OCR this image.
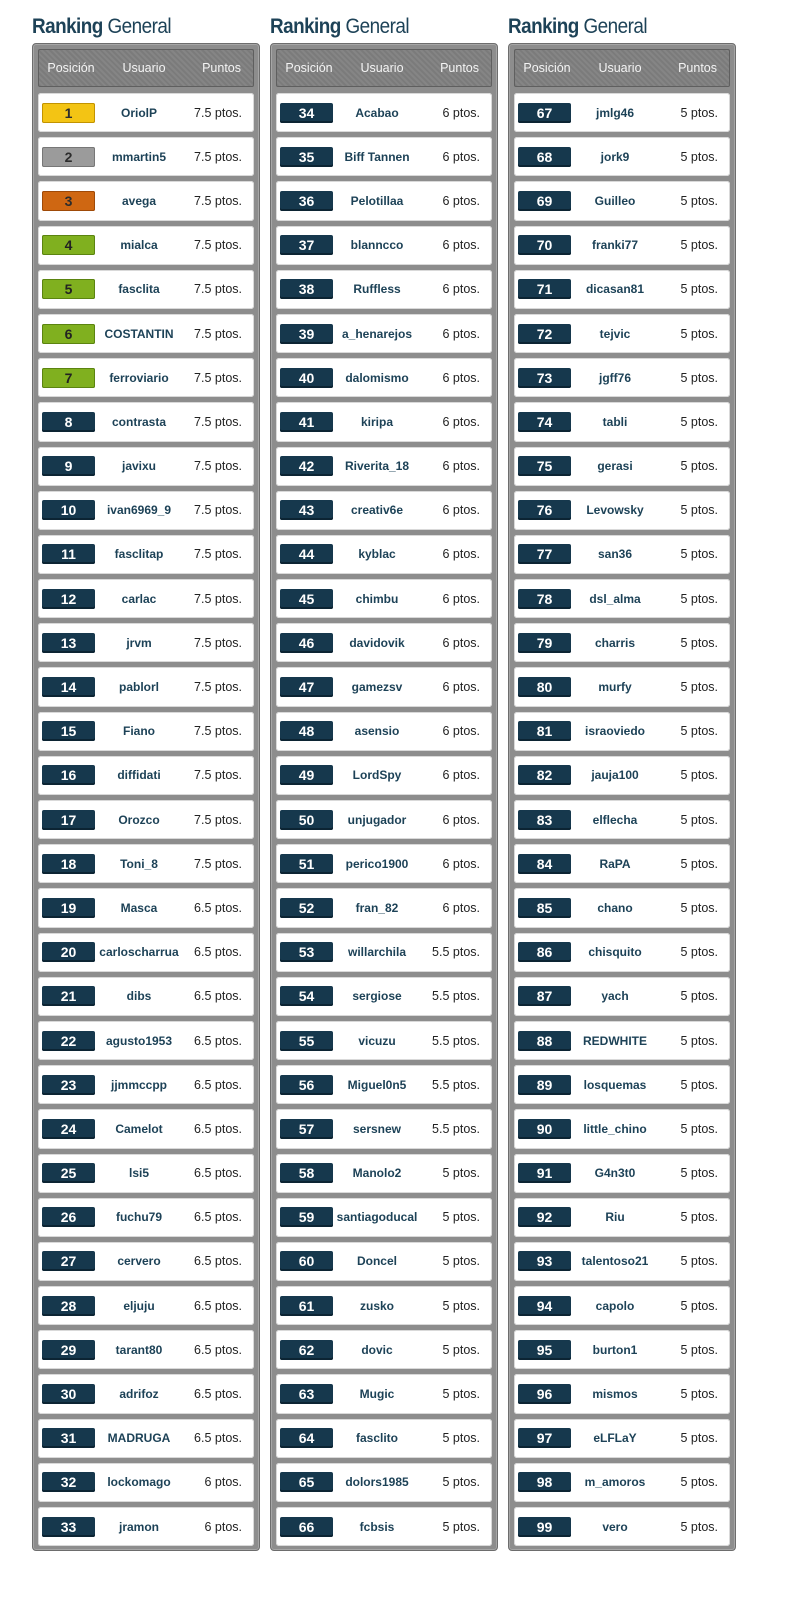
Ranking General
Posición	Usuario	Puntos
1	OriolP	7.5 ptos.
2	mmartin5	7.5 ptos.
3	avega	7.5 ptos.
4	mialca	7.5 ptos.
5	fasclita	7.5 ptos.
6	COSTANTIN	7.5 ptos.
7	ferroviario	7.5 ptos.
8	contrasta	7.5 ptos.
9	javixu	7.5 ptos.
10	ivan6969_9	7.5 ptos.
11	fasclitap	7.5 ptos.
12	carlac	7.5 ptos.
13	jrvm	7.5 ptos.
14	pablorl	7.5 ptos.
15	Fiano	7.5 ptos.
16	diffidati	7.5 ptos.
17	Orozco	7.5 ptos.
18	Toni_8	7.5 ptos.
19	Masca	6.5 ptos.
20	carloscharrua	6.5 ptos.
21	dibs	6.5 ptos.
22	agusto1953	6.5 ptos.
23	jjmmccpp	6.5 ptos.
24	Camelot	6.5 ptos.
25	lsi5	6.5 ptos.
26	fuchu79	6.5 ptos.
27	cervero	6.5 ptos.
28	eljuju	6.5 ptos.
29	tarant80	6.5 ptos.
30	adrifoz	6.5 ptos.
31	MADRUGA	6.5 ptos.
32	lockomago	6 ptos.
33	jramon	6 ptos.
Ranking General
Posición	Usuario	Puntos
34	Acabao	6 ptos.
35	Biff Tannen	6 ptos.
36	Pelotillaa	6 ptos.
37	blanncco	6 ptos.
38	Ruffless	6 ptos.
39	a_henarejos	6 ptos.
40	dalomismo	6 ptos.
41	kiripa	6 ptos.
42	Riverita_18	6 ptos.
43	creativ6e	6 ptos.
44	kyblac	6 ptos.
45	chimbu	6 ptos.
46	davidovik	6 ptos.
47	gamezsv	6 ptos.
48	asensio	6 ptos.
49	LordSpy	6 ptos.
50	unjugador	6 ptos.
51	perico1900	6 ptos.
52	fran_82	6 ptos.
53	willarchila	5.5 ptos.
54	sergiose	5.5 ptos.
55	vicuzu	5.5 ptos.
56	Miguel0n5	5.5 ptos.
57	sersnew	5.5 ptos.
58	Manolo2	5 ptos.
59	santiagoducal	5 ptos.
60	Doncel	5 ptos.
61	zusko	5 ptos.
62	dovic	5 ptos.
63	Mugic	5 ptos.
64	fasclito	5 ptos.
65	dolors1985	5 ptos.
66	fcbsis	5 ptos.
Ranking General
Posición	Usuario	Puntos
67	jmlg46	5 ptos.
68	jork9	5 ptos.
69	Guilleo	5 ptos.
70	franki77	5 ptos.
71	dicasan81	5 ptos.
72	tejvic	5 ptos.
73	jgff76	5 ptos.
74	tabli	5 ptos.
75	gerasi	5 ptos.
76	Levowsky	5 ptos.
77	san36	5 ptos.
78	dsl_alma	5 ptos.
79	charris	5 ptos.
80	murfy	5 ptos.
81	israoviedo	5 ptos.
82	jauja100	5 ptos.
83	elflecha	5 ptos.
84	RaPA	5 ptos.
85	chano	5 ptos.
86	chisquito	5 ptos.
87	yach	5 ptos.
88	REDWHITE	5 ptos.
89	losquemas	5 ptos.
90	little_chino	5 ptos.
91	G4n3t0	5 ptos.
92	Riu	5 ptos.
93	talentoso21	5 ptos.
94	capolo	5 ptos.
95	burton1	5 ptos.
96	mismos	5 ptos.
97	eLFLaY	5 ptos.
98	m_amoros	5 ptos.
99	vero	5 ptos.
